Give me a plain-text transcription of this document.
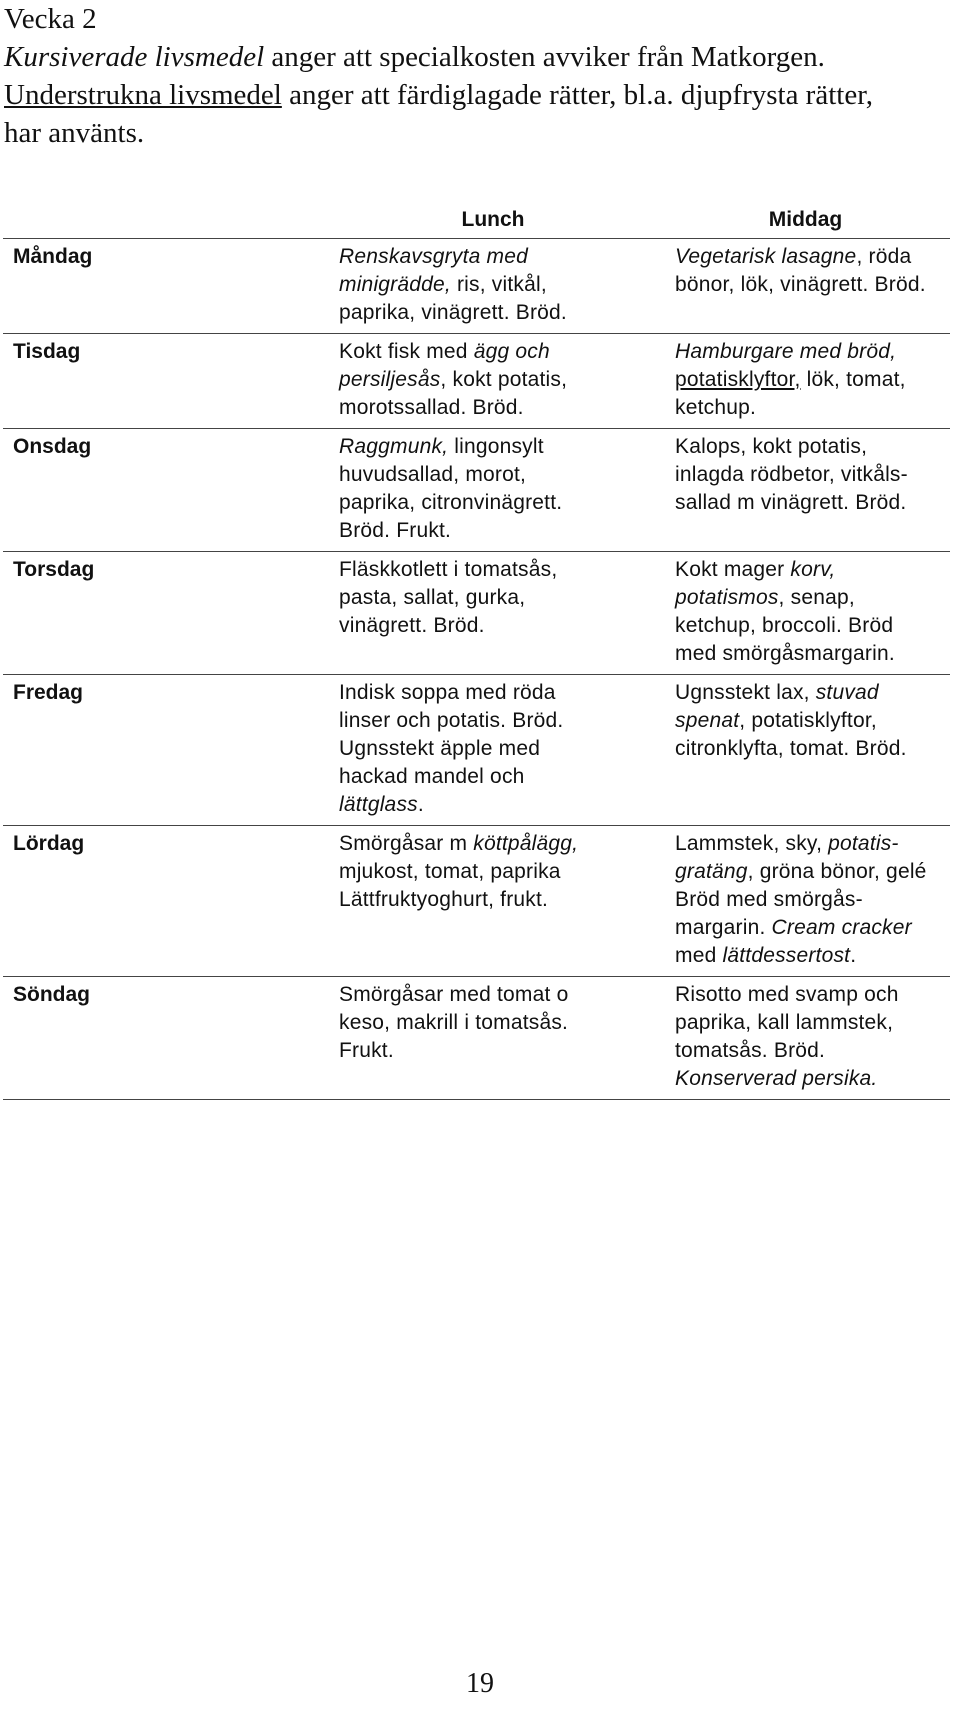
Vecka 2
Kursiverade livsmedel anger att specialkosten avviker från Matkorgen.
Understrukna livsmedel anger att färdiglagade rätter, bl.a. djupfrysta rätter,
har använts.
	Lunch	Middag
Måndag	Renskavsgryta med
minigrädde, ris, vitkål,
paprika, vinägrett. Bröd.	Vegetarisk lasagne, röda
bönor, lök, vinägrett. Bröd.
Tisdag	Kokt fisk med ägg och
persiljesås, kokt potatis,
morotssallad. Bröd.	Hamburgare med bröd,
potatisklyftor, lök, tomat,
ketchup.
Onsdag	Raggmunk, lingonsylt
huvudsallad, morot,
paprika, citronvinägrett.
Bröd. Frukt.	Kalops, kokt potatis,
inlagda rödbetor, vitkåls-
sallad m vinägrett. Bröd.
Torsdag	Fläskkotlett i tomatsås,
pasta, sallat, gurka,
vinägrett. Bröd.	Kokt mager korv,
potatismos, senap,
ketchup, broccoli. Bröd
med smörgåsmargarin.
Fredag	Indisk soppa med röda
linser och potatis. Bröd.
Ugnsstekt äpple med
hackad mandel och
lättglass.	Ugnsstekt lax, stuvad
spenat, potatisklyftor,
citronklyfta, tomat. Bröd.
Lördag	Smörgåsar m köttpålägg,
mjukost, tomat, paprika
Lättfruktyoghurt, frukt.	Lammstek, sky, potatis-
gratäng, gröna bönor, gelé
Bröd med smörgås-
margarin. Cream cracker
med lättdessertost.
Söndag	Smörgåsar med tomat o
keso, makrill i tomatsås.
Frukt.	Risotto med svamp och
paprika, kall lammstek,
tomatsås. Bröd.
Konserverad persika.
19
